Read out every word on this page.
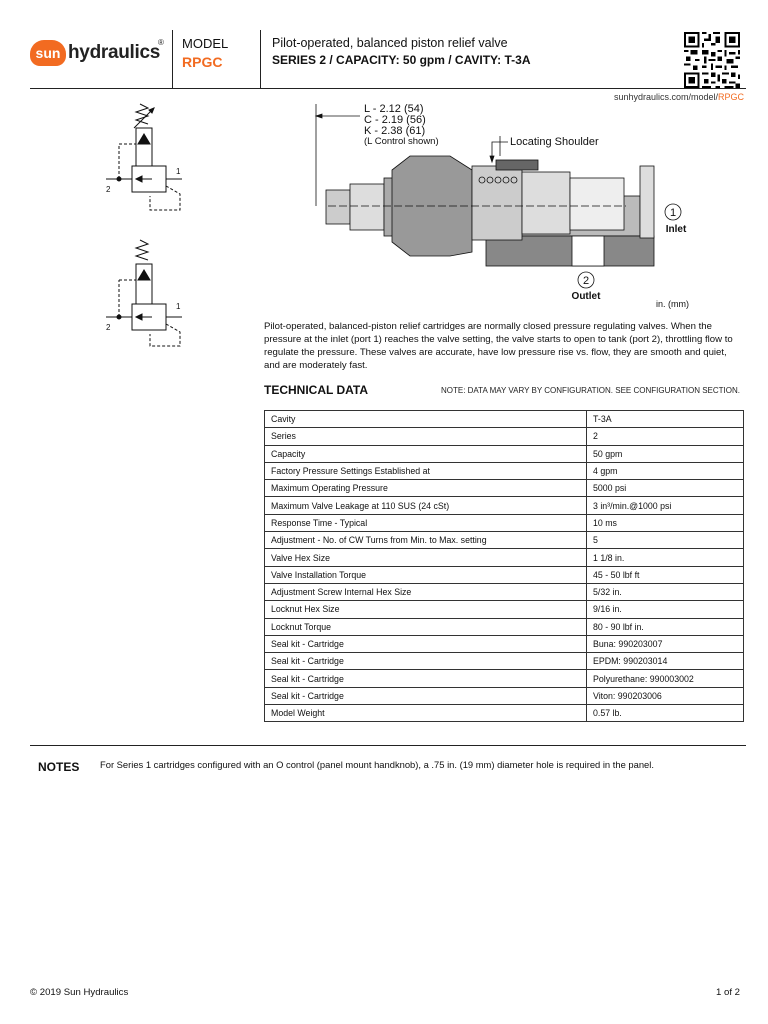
sun hydraulics
® MODEL
RPGC
Pilot-operated, balanced piston relief valve
SERIES 2 / CAPACITY: 50 gpm / CAVITY: T-3A
sunhydraulics.com/model/RPGC
2
1
2
1
L - 2.12 (54)
C - 2.19 (56)
K - 2.38 (61)
(L Control shown)	Locating Shoulder
1
Inlet
2
Outlet
in. (mm)
Pilot-operated, balanced-piston relief cartridges are normally closed pressure regulating valves. When the pressure at the inlet (port 1) reaches the valve setting, the valve starts to open to tank (port 2), throttling flow to regulate the pressure. These valves are accurate, have low pressure rise vs. flow, they are smooth and quiet, and are moderately fast.
TECHNICAL DATA	NOTE: DATA MAY VARY BY CONFIGURATION. SEE CONFIGURATION SECTION.
Cavity	T-3A
Series	2
Capacity	50 gpm
Factory Pressure Settings Established at	4 gpm
Maximum Operating Pressure	5000 psi
Maximum Valve Leakage at 110 SUS (24 cSt)	3 in³/min.@1000 psi
Response Time - Typical	10 ms
Adjustment - No. of CW Turns from Min. to Max. setting	5
Valve Hex Size	1 1/8 in.
Valve Installation Torque	45 - 50 lbf ft
Adjustment Screw Internal Hex Size	5/32 in.
Locknut Hex Size	9/16 in.
Locknut Torque	80 - 90 lbf in.
Seal kit - Cartridge	Buna: 990203007
Seal kit - Cartridge	EPDM: 990203014
Seal kit - Cartridge	Polyurethane: 990003002
Seal kit - Cartridge	Viton: 990203006
Model Weight	0.57 lb.
NOTES For Series 1 cartridges configured with an O control (panel mount handknob), a .75 in. (19 mm) diameter hole is required in the panel.
© 2019 Sun Hydraulics	1 of 2
